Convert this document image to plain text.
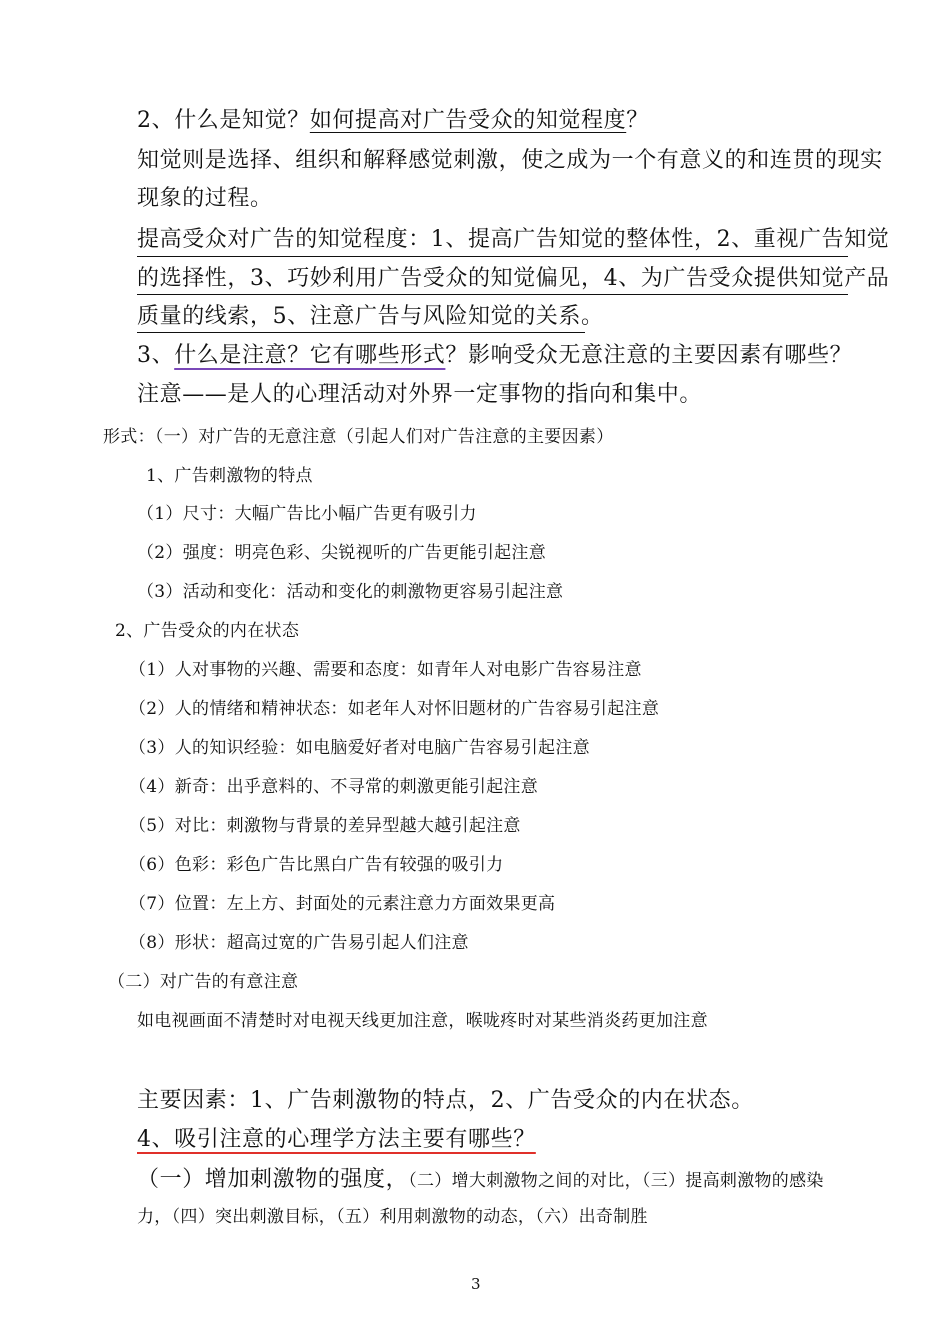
2、什么是知觉？如何提高对广告受众的知觉程度？
知觉则是选择、组织和解释感觉刺激，使之成为一个有意义的和连贯的现实
现象的过程。
提高受众对广告的知觉程度：1、提高广告知觉的整体性，2、重视广告知觉
的选择性，3、巧妙利用广告受众的知觉偏见，4、为广告受众提供知觉产品
质量的线索，5、注意广告与风险知觉的关系。
3、什么是注意？它有哪些形式？影响受众无意注意的主要因素有哪些？
注意——是人的心理活动对外界一定事物的指向和集中。
形式：（一）对广告的无意注意（引起人们对广告注意的主要因素）
1、广告刺激物的特点
（1）尺寸：大幅广告比小幅广告更有吸引力
（2）强度：明亮色彩、尖锐视听的广告更能引起注意
（3）活动和变化：活动和变化的刺激物更容易引起注意
2、广告受众的内在状态
（1）人对事物的兴趣、需要和态度：如青年人对电影广告容易注意
（2）人的情绪和精神状态：如老年人对怀旧题材的广告容易引起注意
（3）人的知识经验：如电脑爱好者对电脑广告容易引起注意
（4）新奇：出乎意料的、不寻常的刺激更能引起注意
（5）对比：刺激物与背景的差异型越大越引起注意
（6）色彩：彩色广告比黑白广告有较强的吸引力
（7）位置：左上方、封面处的元素注意力方面效果更高
（8）形状：超高过宽的广告易引起人们注意
（二）对广告的有意注意
如电视画面不清楚时对电视天线更加注意，喉咙疼时对某些消炎药更加注意
主要因素：1、广告刺激物的特点，2、广告受众的内在状态。
4、吸引注意的心理学方法主要有哪些？
（一）增加刺激物的强度，（二）增大刺激物之间的对比，（三）提高刺激物的感染
力，（四）突出刺激目标，（五）利用刺激物的动态，（六）出奇制胜
3
